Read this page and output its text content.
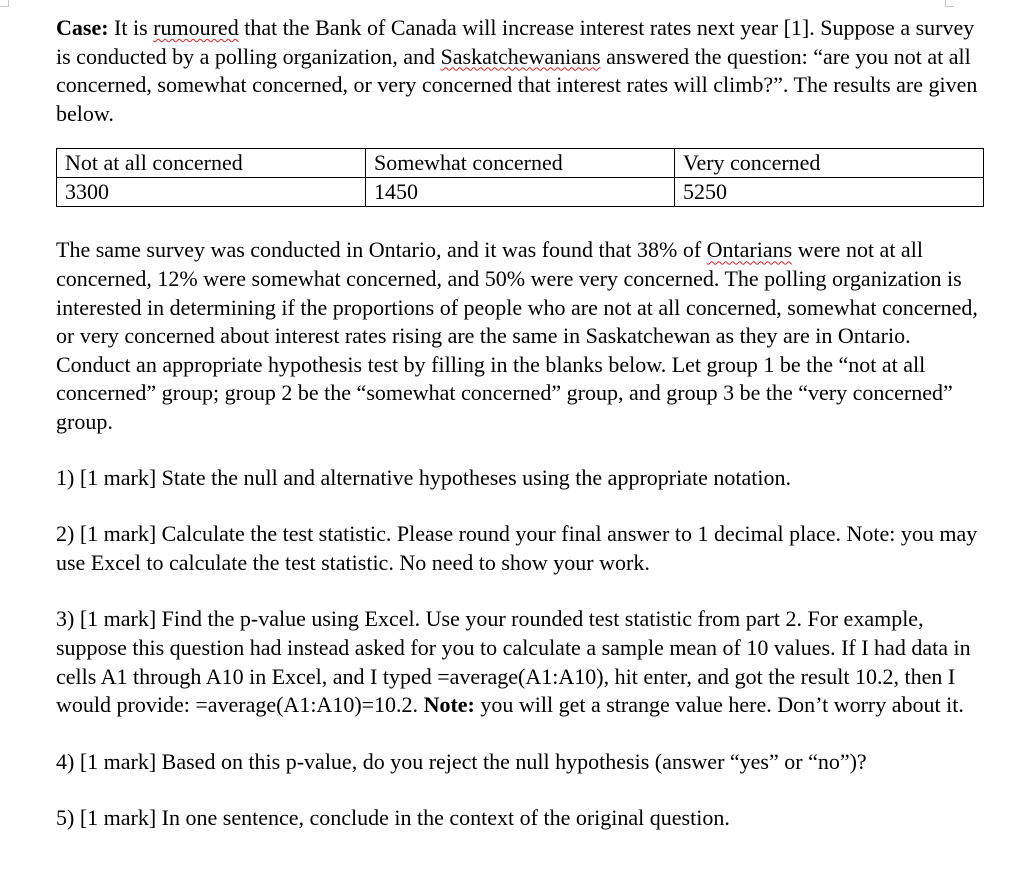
Case: It is rumoured that the Bank of Canada will increase interest rates next year [1]. Suppose a survey is conducted by a polling organization, and Saskatchewanians answered the question: “are you not at all concerned, somewhat concerned, or very concerned that interest rates will climb?”. The results are given below.

Not at all concerned	Somewhat concerned	Very concerned
3300	1450	5250

The same survey was conducted in Ontario, and it was found that 38% of Ontarians were not at all concerned, 12% were somewhat concerned, and 50% were very concerned. The polling organization is interested in determining if the proportions of people who are not at all concerned, somewhat concerned, or very concerned about interest rates rising are the same in Saskatchewan as they are in Ontario. Conduct an appropriate hypothesis test by filling in the blanks below. Let group 1 be the “not at all concerned” group; group 2 be the “somewhat concerned” group, and group 3 be the “very concerned” group.

1) [1 mark] State the null and alternative hypotheses using the appropriate notation.

2) [1 mark] Calculate the test statistic. Please round your final answer to 1 decimal place. Note: you may use Excel to calculate the test statistic. No need to show your work.

3) [1 mark] Find the p-value using Excel. Use your rounded test statistic from part 2. For example, suppose this question had instead asked for you to calculate a sample mean of 10 values. If I had data in cells A1 through A10 in Excel, and I typed =average(A1:A10), hit enter, and got the result 10.2, then I would provide: =average(A1:A10)=10.2. Note: you will get a strange value here. Don’t worry about it.

4) [1 mark] Based on this p-value, do you reject the null hypothesis (answer “yes” or “no”)?

5) [1 mark] In one sentence, conclude in the context of the original question.
